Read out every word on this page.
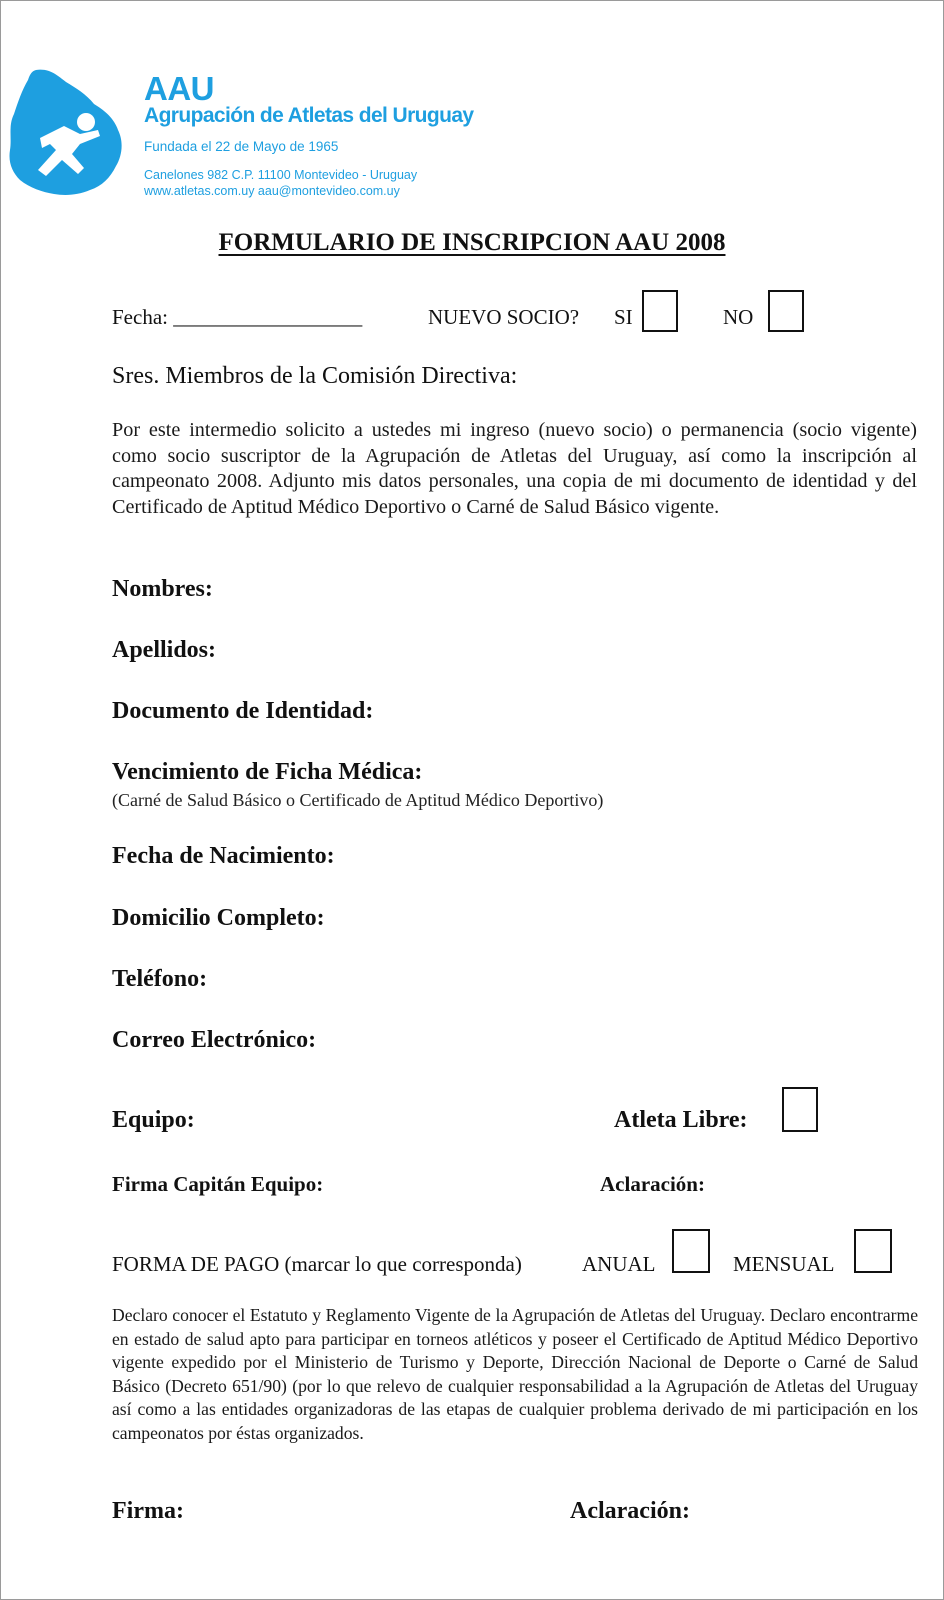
AAU
Agrupación de Atletas del Uruguay
Fundada el 22 de Mayo de 1965
Canelones 982 C.P. 11100 Montevideo - Uruguay
www.atletas.com.uy aau@montevideo.com.uy
FORMULARIO DE INSCRIPCION AAU 2008
Fecha: __________________	NUEVO SOCIO? SI	NO
Sres. Miembros de la Comisión Directiva:
Por este intermedio solicito a ustedes mi ingreso (nuevo socio) o permanencia (socio vigente) como socio suscriptor de la Agrupación de Atletas del Uruguay, así como la inscripción al campeonato 2008. Adjunto mis datos personales, una copia de mi documento de identidad y del Certificado de Aptitud Médico Deportivo o Carné de Salud Básico vigente.
Nombres:
Apellidos:
Documento de Identidad:
Vencimiento de Ficha Médica:
(Carné de Salud Básico o Certificado de Aptitud Médico Deportivo)
Fecha de Nacimiento:
Domicilio Completo:
Teléfono:
Correo Electrónico:
Equipo:	Atleta Libre:
Firma Capitán Equipo:	Aclaración:
FORMA DE PAGO (marcar lo que corresponda)	ANUAL	MENSUAL
Declaro conocer el Estatuto y Reglamento Vigente de la Agrupación de Atletas del Uruguay. Declaro encontrarme en estado de salud apto para participar en torneos atléticos y poseer el Certificado de Aptitud Médico Deportivo vigente expedido por el Ministerio de Turismo y Deporte, Dirección Nacional de Deporte o Carné de Salud Básico (Decreto 651/90) (por lo que relevo de cualquier responsabilidad a la Agrupación de Atletas del Uruguay así como a las entidades organizadoras de las etapas de cualquier problema derivado de mi participación en los campeonatos por éstas organizados.
Firma:	Aclaración:
